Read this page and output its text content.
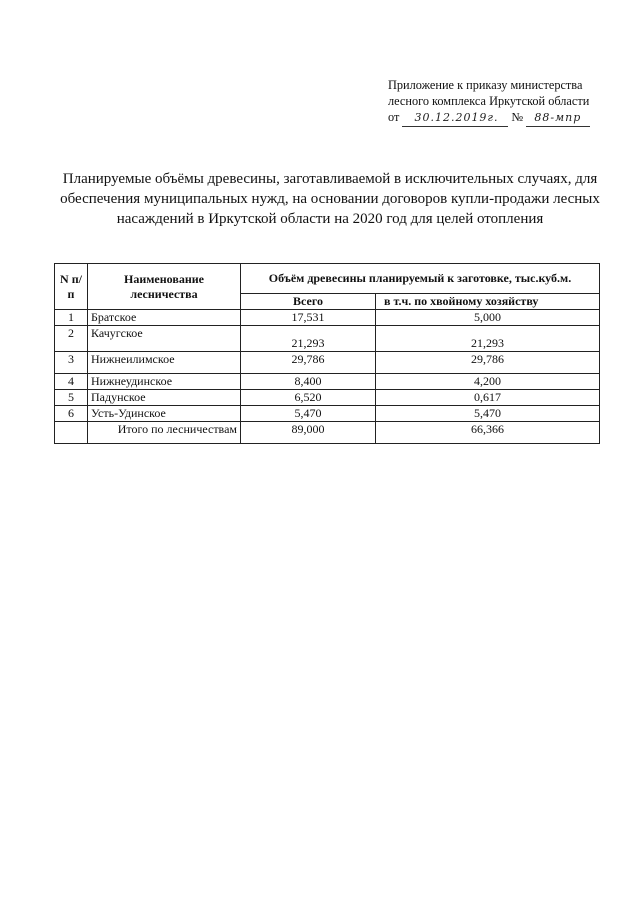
Приложение к приказу министерства
лесного комплекса Иркутской области
от 30.12.2019г. № 88-мпр
Планируемые объёмы древесины, заготавливаемой в исключительных случаях, для обеспечения муниципальных нужд, на основании договоров купли-продажи лесных насаждений в Иркутской области на 2020 год для целей отопления
N п/п	Наименование лесничества	Объём древесины планируемый к заготовке, тыс.куб.м.	
		Всего	в т.ч. по хвойному хозяйству
1	Братское	17,531	5,000
2	Качугское	21,293	21,293
3	Нижнеилимское	29,786	29,786
4	Нижнеудинское	8,400	4,200
5	Падунское	6,520	0,617
6	Усть-Удинское	5,470	5,470
	Итого по лесничествам	89,000	66,366
